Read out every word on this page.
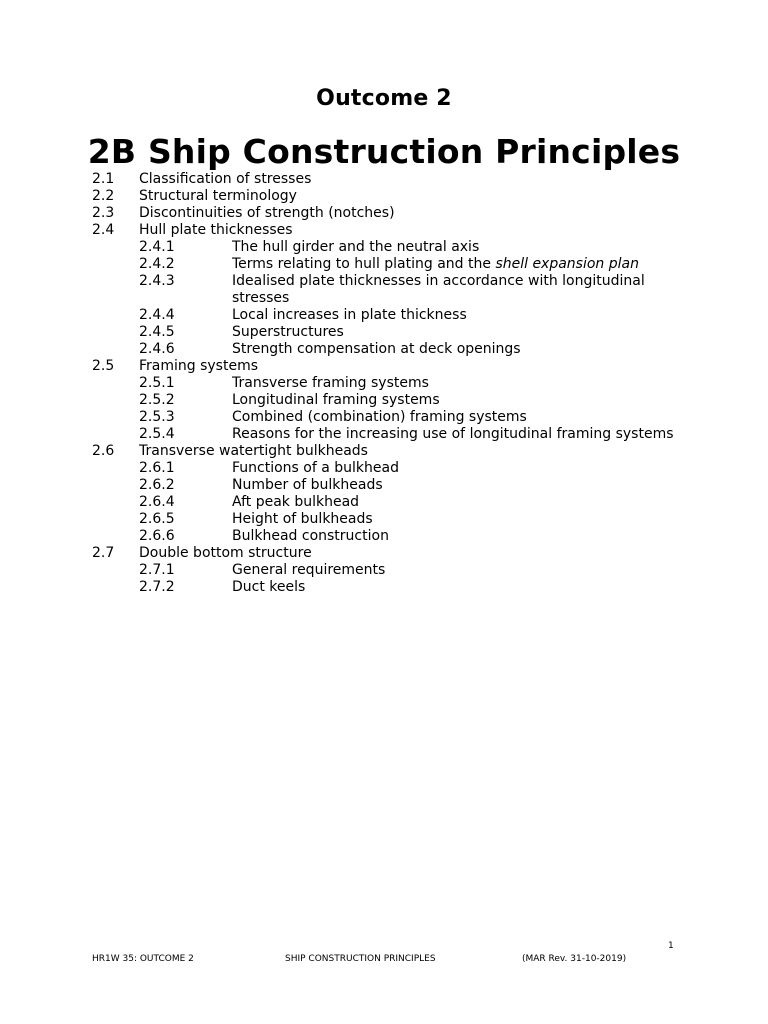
Outcome 2
2B Ship Construction Principles
2.1 Classification of stresses
2.2 Structural terminology
2.3 Discontinuities of strength (notches)
2.4 Hull plate thicknesses
2.4.1	The hull girder and the neutral axis
2.4.2	Terms relating to hull plating and the shell expansion plan
2.4.3	Idealised plate thicknesses in accordance with longitudinal
stresses
2.4.4	Local increases in plate thickness
2.4.5	Superstructures
2.4.6	Strength compensation at deck openings
2.5 Framing systems
2.5.1	Transverse framing systems
2.5.2	Longitudinal framing systems
2.5.3	Combined (combination) framing systems
2.5.4	Reasons for the increasing use of longitudinal framing systems
2.6 Transverse watertight bulkheads
2.6.1	Functions of a bulkhead
2.6.2	Number of bulkheads
2.6.4	Aft peak bulkhead
2.6.5	Height of bulkheads
2.6.6	Bulkhead construction
2.7 Double bottom structure
2.7.1	General requirements
2.7.2	Duct keels
1
HR1W 35: OUTCOME 2	SHIP CONSTRUCTION PRINCIPLES	(MAR Rev. 31-10-2019)
